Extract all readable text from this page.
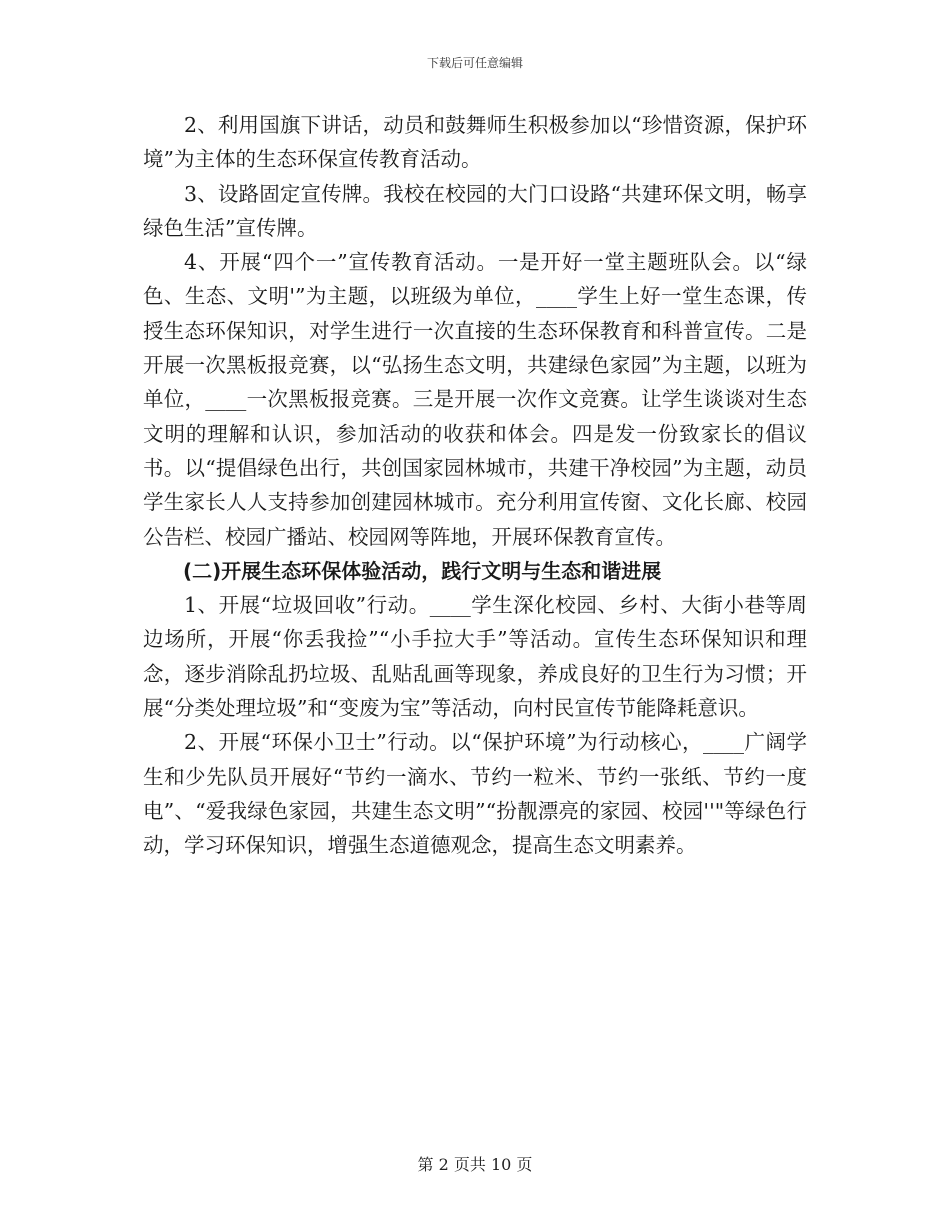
下载后可任意编辑

2、利用国旗下讲话，动员和鼓舞师生积极参加以“珍惜资源，保护环境”为主体的生态环保宣传教育活动。

3、设路固定宣传牌。我校在校园的大门口设路“共建环保文明，畅享绿色生活”宣传牌。

4、开展“四个一”宣传教育活动。一是开好一堂主题班队会。以“绿色、生态、文明'”为主题，以班级为单位，____学生上好一堂生态课，传授生态环保知识，对学生进行一次直接的生态环保教育和科普宣传。二是开展一次黑板报竞赛，以“弘扬生态文明，共建绿色家园”为主题，以班为单位，____一次黑板报竞赛。三是开展一次作文竞赛。让学生谈谈对生态文明的理解和认识，参加活动的收获和体会。四是发一份致家长的倡议书。以“提倡绿色出行，共创国家园林城市，共建干净校园”为主题，动员学生家长人人支持参加创建园林城市。充分利用宣传窗、文化长廊、校园公告栏、校园广播站、校园网等阵地，开展环保教育宣传。

(二)开展生态环保体验活动，践行文明与生态和谐进展

1、开展“垃圾回收”行动。____学生深化校园、乡村、大街小巷等周边场所，开展“你丢我捡”“小手拉大手”等活动。宣传生态环保知识和理念，逐步消除乱扔垃圾、乱贴乱画等现象，养成良好的卫生行为习惯；开展“分类处理垃圾”和“变废为宝”等活动，向村民宣传节能降耗意识。

2、开展“环保小卫士”行动。以“保护环境”为行动核心，____广阔学生和少先队员开展好“节约一滴水、节约一粒米、节约一张纸、节约一度电”、“爱我绿色家园，共建生态文明”“扮靓漂亮的家园、校园''"等绿色行动，学习环保知识，增强生态道德观念，提高生态文明素养。

第 2 页共 10 页
